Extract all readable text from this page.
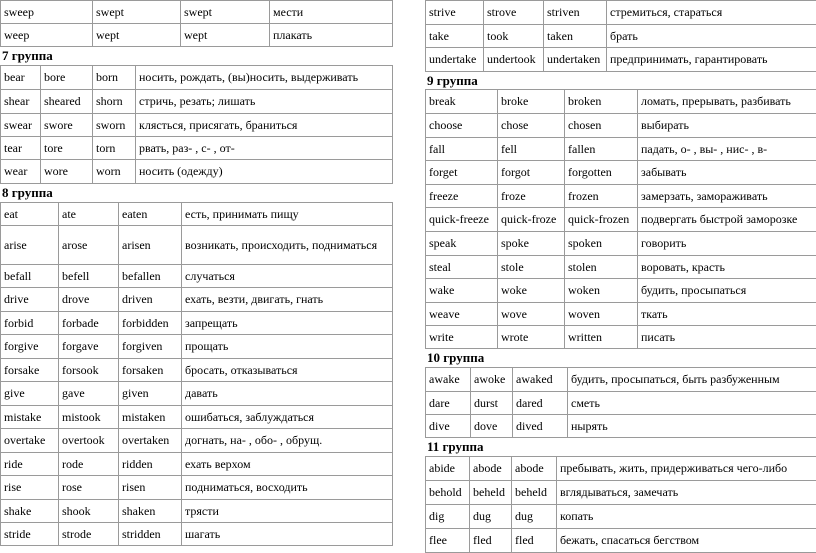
sweep	swept	swept	мести
weep	wept	wept	плакать
7 группа
bear	bore	born	носить, рождать, (вы)носить, выдерживать
shear	sheared	shorn	стричь, резать; лишать
swear	swore	sworn	клясться, присягать, браниться
tear	tore	torn	рвать, раз- , с- , от-
wear	wore	worn	носить (одежду)
8 группа
eat	ate	eaten	есть, принимать пищу
arise	arose	arisen	возникать, происходить, подниматься
befall	befell	befallen	случаться
drive	drove	driven	ехать, везти, двигать, гнать
forbid	forbade	forbidden	запрещать
forgive	forgave	forgiven	прощать
forsake	forsook	forsaken	бросать, отказываться
give	gave	given	давать
mistake	mistook	mistaken	ошибаться, заблуждаться
overtake	overtook	overtaken	догнать, на- , обо- , обрущ.
ride	rode	ridden	ехать верхом
rise	rose	risen	подниматься, восходить
shake	shook	shaken	трясти
stride	strode	stridden	шагать
strive	strove	striven	стремиться, стараться
take	took	taken	брать
undertake	undertook	undertaken	предпринимать, гарантировать
9 группа
break	broke	broken	ломать, прерывать, разбивать
choose	chose	chosen	выбирать
fall	fell	fallen	падать, о- , вы- , нис- , в-
forget	forgot	forgotten	забывать
freeze	froze	frozen	замерзать, замораживать
quick-freeze	quick-froze	quick-frozen	подвергать быстрой заморозке
speak	spoke	spoken	говорить
steal	stole	stolen	воровать, красть
wake	woke	woken	будить, просыпаться
weave	wove	woven	ткать
write	wrote	written	писать
10 группа
awake	awoke	awaked	будить, просыпаться, быть разбуженным
dare	durst	dared	сметь
dive	dove	dived	нырять
11 группа
abide	abode	abode	пребывать, жить, придерживаться чего-либо
behold	beheld	beheld	вглядываться, замечать
dig	dug	dug	копать
flee	fled	fled	бежать, спасаться бегством
